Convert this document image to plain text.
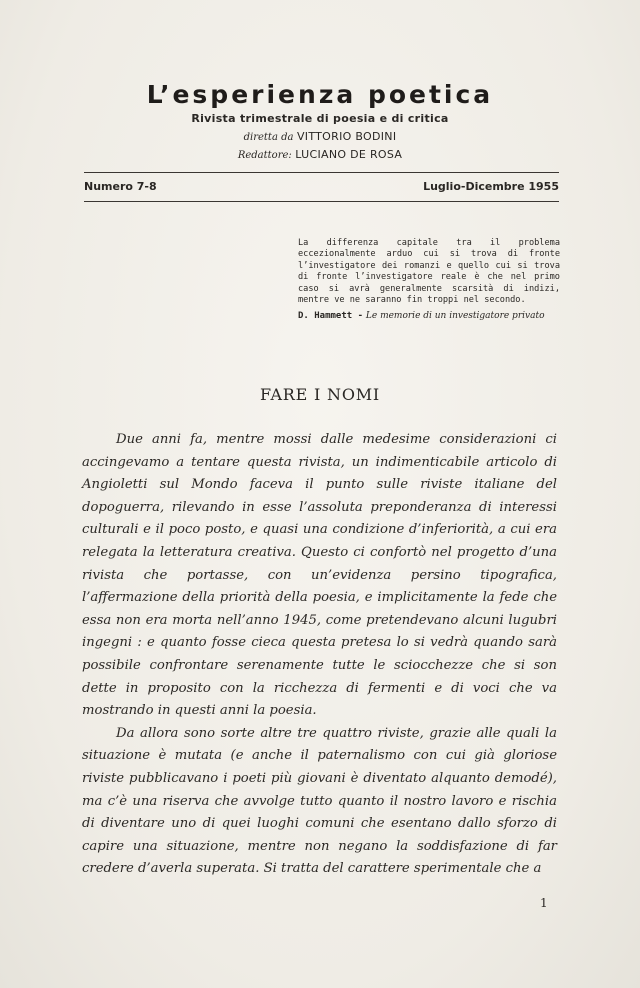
L’esperienza poetica
Rivista trimestrale di poesia e di critica
diretta da VITTORIO BODINI
Redattore: LUCIANO DE ROSA
Numero 7-8	Luglio-Dicembre 1955
La differenza capitale tra il problema eccezionalmente arduo cui si trova di fronte l’investigatore dei romanzi e quello cui si trova di fronte l’investigatore reale è che nel primo caso si avrà generalmente scarsità di indizi, mentre ve ne saranno fin troppi nel secondo.
D. Hammett - Le memorie di un investigatore privato
FARE I NOMI

Due anni fa, mentre mossi dalle medesime considerazioni ci accingevamo a tentare questa rivista, un indimenticabile articolo di Angioletti sul Mondo faceva il punto sulle riviste italiane del dopoguerra, rilevando in esse l’assoluta preponderanza di interessi culturali e il poco posto, e quasi una condizione d’inferiorità, a cui era relegata la letteratura creativa. Questo ci confortò nel progetto d’una rivista che portasse, con un’evidenza persino tipografica, l’affermazione della priorità della poesia, e implicitamente la fede che essa non era morta nell’anno 1945, come pretendevano alcuni lugubri ingegni : e quanto fosse cieca questa pretesa lo si vedrà quando sarà possibile confrontare serenamente tutte le sciocchezze che si son dette in proposito con la ricchezza di fermenti e di voci che va mostrando in questi anni la poesia.

Da allora sono sorte altre tre quattro riviste, grazie alle quali la situazione è mutata (e anche il paternalismo con cui già gloriose riviste pubblicavano i poeti più giovani è diventato alquanto demodé), ma c’è una riserva che avvolge tutto quanto il nostro lavoro e rischia di diventare uno di quei luoghi comuni che esentano dallo sforzo di capire una situazione, mentre non negano la soddisfazione di far credere d’averla superata. Si tratta del carattere sperimentale che a

1
